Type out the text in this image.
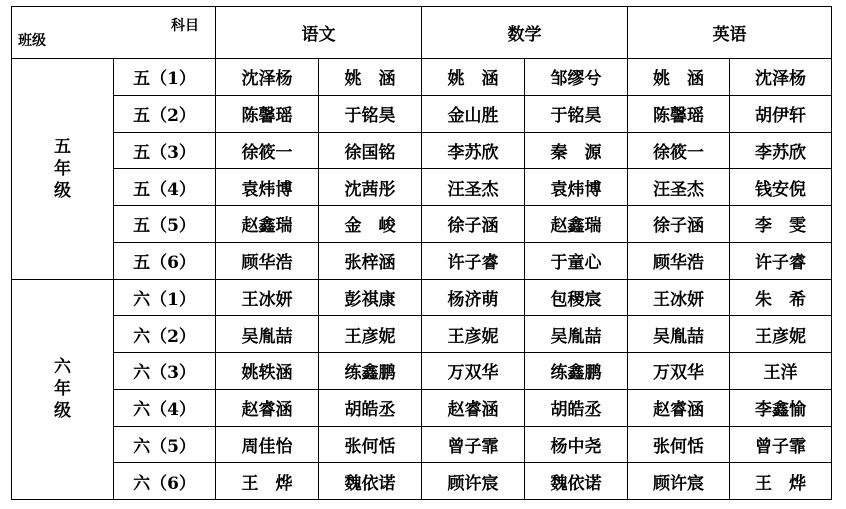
科目
班级		语文		数学		英语	

五
年
级	五（1）	沈泽杨	姚　涵	姚　涵	邹缪兮	姚　涵	沈泽杨
	五（2）	陈馨瑶	于铭昊	金山胜	于铭昊	陈馨瑶	胡伊轩
	五（3）	徐筱一	徐国铭	李苏欣	秦　源	徐筱一	李苏欣
	五（4）	袁炜博	沈茜彤	汪圣杰	袁炜博	汪圣杰	钱安倪
	五（5）	赵鑫瑞	金　峻	徐子涵	赵鑫瑞	徐子涵	李　雯
	五（6）	顾华浩	张梓涵	许子睿	于童心	顾华浩	许子睿

六
年
级	六（1）	王冰妍	彭祺康	杨济萌	包稷宸	王冰妍	朱　希
	六（2）	吴胤喆	王彦妮	王彦妮	吴胤喆	吴胤喆	王彦妮
	六（3）	姚轶涵	练鑫鹏	万双华	练鑫鹏	万双华	王洋
	六（4）	赵睿涵	胡皓丞	赵睿涵	胡皓丞	赵睿涵	李鑫愉
	六（5）	周佳怡	张何恬	曾子霏	杨中尧	张何恬	曾子霏
	六（6）	王　烨	魏依诺	顾许宸	魏依诺	顾许宸	王　烨
